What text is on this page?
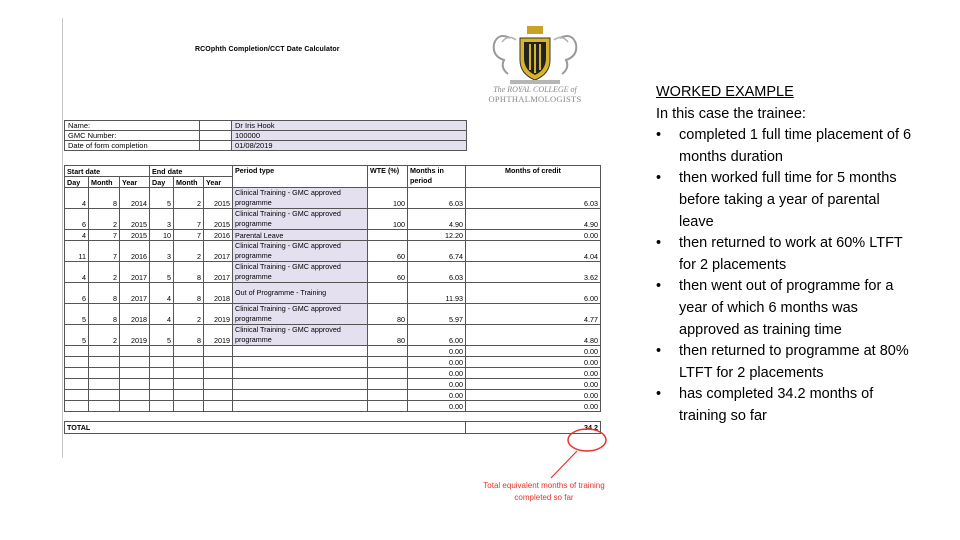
RCOphth Completion/CCT Date Calculator
The ROYAL COLLEGE of
OPHTHALMOLOGISTS
Name:		Dr Iris Hook
GMC Number:		100000
Date of form completion		01/08/2019
Start date			End date			Period type	WTE (%)	Months in
period	Months of credit
Day	Month	Year	Day	Month	Year				
4	8	2014	5	2	2015	Clinical Training - GMC approved programme	100	6.03	6.03
6	2	2015	3	7	2015	Clinical Training - GMC approved programme	100	4.90	4.90
4	7	2015	10	7	2016	Parental Leave		12.20	0.00
11	7	2016	3	2	2017	Clinical Training - GMC approved programme	60	6.74	4.04
4	2	2017	5	8	2017	Clinical Training - GMC approved programme	60	6.03	3.62
6	8	2017	4	8	2018	Out of Programme - Training		11.93	6.00
5	8	2018	4	2	2019	Clinical Training - GMC approved programme	80	5.97	4.77
5	2	2019	5	8	2019	Clinical Training - GMC approved programme	80	6.00	4.80
								0.00	0.00
								0.00	0.00
								0.00	0.00
								0.00	0.00
								0.00	0.00
								0.00	0.00

TOTAL									34.2
Total equivalent months of training completed so far
WORKED EXAMPLE
In this case the trainee:
• completed 1 full time placement of 6 months duration
• then worked full time for 5 months before taking a year of parental leave
• then returned to work at 60% LTFT for 2 placements
• then went out of programme for a year of which 6 months was approved as training time
• then returned to programme at 80% LTFT for 2 placements
• has completed 34.2 months of training so far
